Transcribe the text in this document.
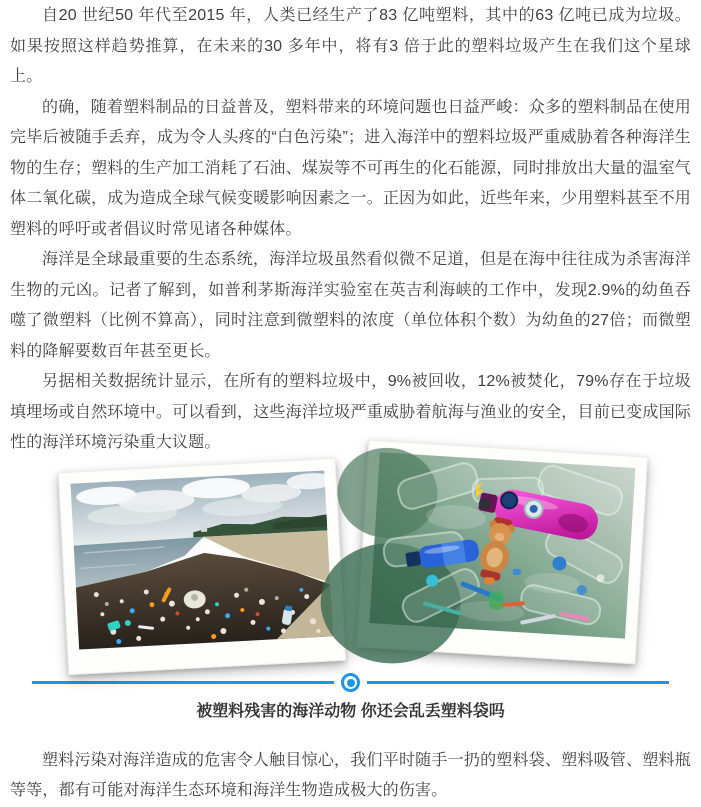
自20 世纪50 年代至2015 年，人类已经生产了83 亿吨塑料，其中的63 亿吨已成为垃圾。如果按照这样趋势推算，在未来的30 多年中，将有3 倍于此的塑料垃圾产生在我们这个星球上。

的确，随着塑料制品的日益普及，塑料带来的环境问题也日益严峻：众多的塑料制品在使用完毕后被随手丢弃，成为令人头疼的“白色污染”；进入海洋中的塑料垃圾严重威胁着各种海洋生物的生存；塑料的生产加工消耗了石油、煤炭等不可再生的化石能源，同时排放出大量的温室气体二氧化碳，成为造成全球气候变暖影响因素之一。正因为如此，近些年来，少用塑料甚至不用塑料的呼吁或者倡议时常见诸各种媒体。

海洋是全球最重要的生态系统，海洋垃圾虽然看似微不足道，但是在海中往往成为杀害海洋生物的元凶。记者了解到，如普利茅斯海洋实验室在英吉利海峡的工作中，发现2.9%的幼鱼吞噬了微塑料（比例不算高），同时注意到微塑料的浓度（单位体积个数）为幼鱼的27倍；而微塑料的降解要数百年甚至更长。

另据相关数据统计显示，在所有的塑料垃圾中，9%被回收，12%被焚化，79%存在于垃圾填埋场或自然环境中。可以看到，这些海洋垃圾严重威胁着航海与渔业的安全，目前已变成国际性的海洋环境污染重大议题。

被塑料残害的海洋动物 你还会乱丢塑料袋吗

塑料污染对海洋造成的危害令人触目惊心，我们平时随手一扔的塑料袋、塑料吸管、塑料瓶等等，都有可能对海洋生态环境和海洋生物造成极大的伤害。
